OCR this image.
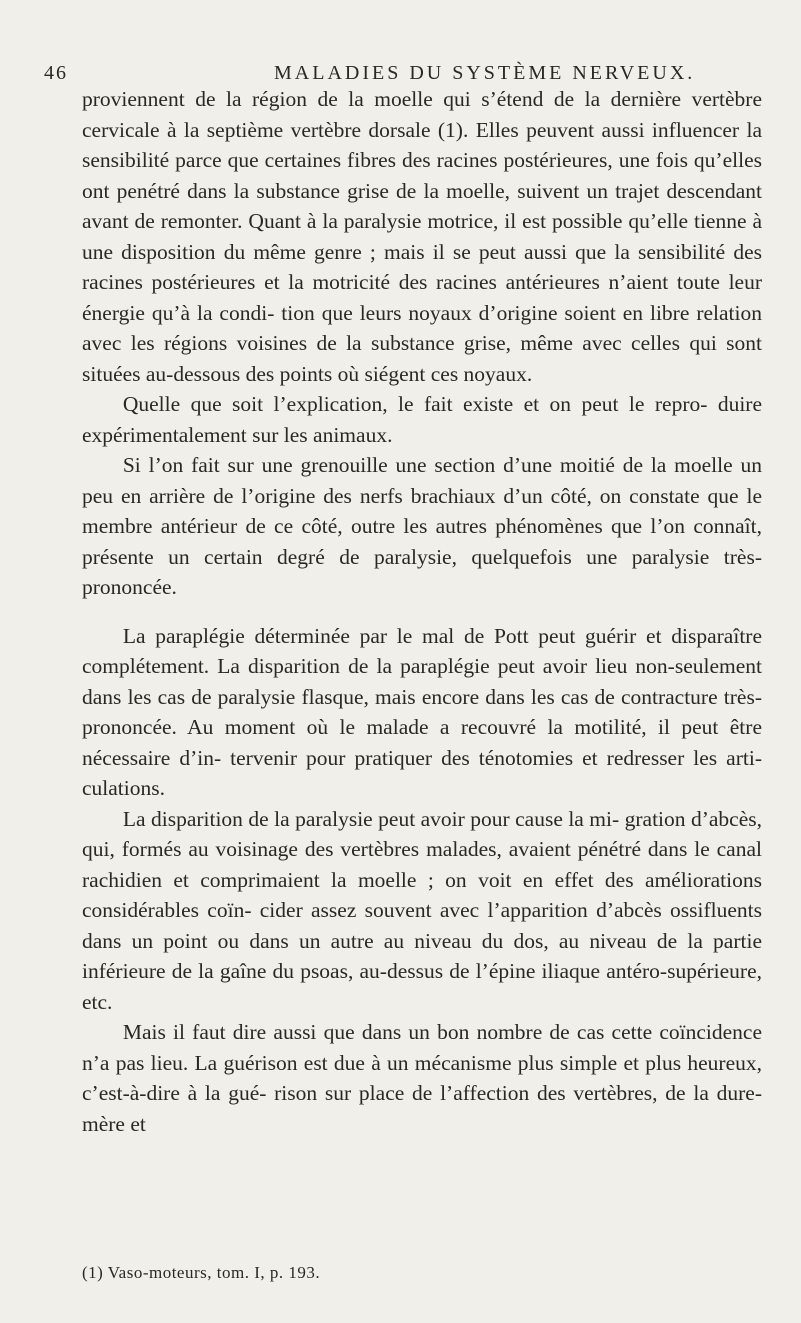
46	MALADIES DU SYSTÈME NERVEUX.

proviennent de la région de la moelle qui s’étend de la dernière vertèbre cervicale à la septième vertèbre dorsale (1). Elles peuvent aussi influencer la sensibilité parce que certaines fibres des racines postérieures, une fois qu’elles ont penétré dans la substance grise de la moelle, suivent un trajet descendant avant de remonter. Quant à la paralysie motrice, il est possible qu’elle tienne à une disposition du même genre ; mais il se peut aussi que la sensibilité des racines postérieures et la motricité des racines antérieures n’aient toute leur énergie qu’à la condi- tion que leurs noyaux d’origine soient en libre relation avec les régions voisines de la substance grise, même avec celles qui sont situées au-dessous des points où siégent ces noyaux.

Quelle que soit l’explication, le fait existe et on peut le repro- duire expérimentalement sur les animaux.

Si l’on fait sur une grenouille une section d’une moitié de la moelle un peu en arrière de l’origine des nerfs brachiaux d’un côté, on constate que le membre antérieur de ce côté, outre les autres phénomènes que l’on connaît, présente un certain degré de paralysie, quelquefois une paralysie très-prononcée.

La paraplégie déterminée par le mal de Pott peut guérir et disparaître complétement. La disparition de la paraplégie peut avoir lieu non-seulement dans les cas de paralysie flasque, mais encore dans les cas de contracture très-prononcée. Au moment où le malade a recouvré la motilité, il peut être nécessaire d’in- tervenir pour pratiquer des ténotomies et redresser les arti- culations.

La disparition de la paralysie peut avoir pour cause la mi- gration d’abcès, qui, formés au voisinage des vertèbres malades, avaient pénétré dans le canal rachidien et comprimaient la moelle ; on voit en effet des améliorations considérables coïn- cider assez souvent avec l’apparition d’abcès ossifluents dans un point ou dans un autre au niveau du dos, au niveau de la partie inférieure de la gaîne du psoas, au-dessus de l’épine iliaque antéro-supérieure, etc.

Mais il faut dire aussi que dans un bon nombre de cas cette coïncidence n’a pas lieu. La guérison est due à un mécanisme plus simple et plus heureux, c’est-à-dire à la gué- rison sur place de l’affection des vertèbres, de la dure-mère et

(1) Vaso-moteurs, tom. I, p. 193.
